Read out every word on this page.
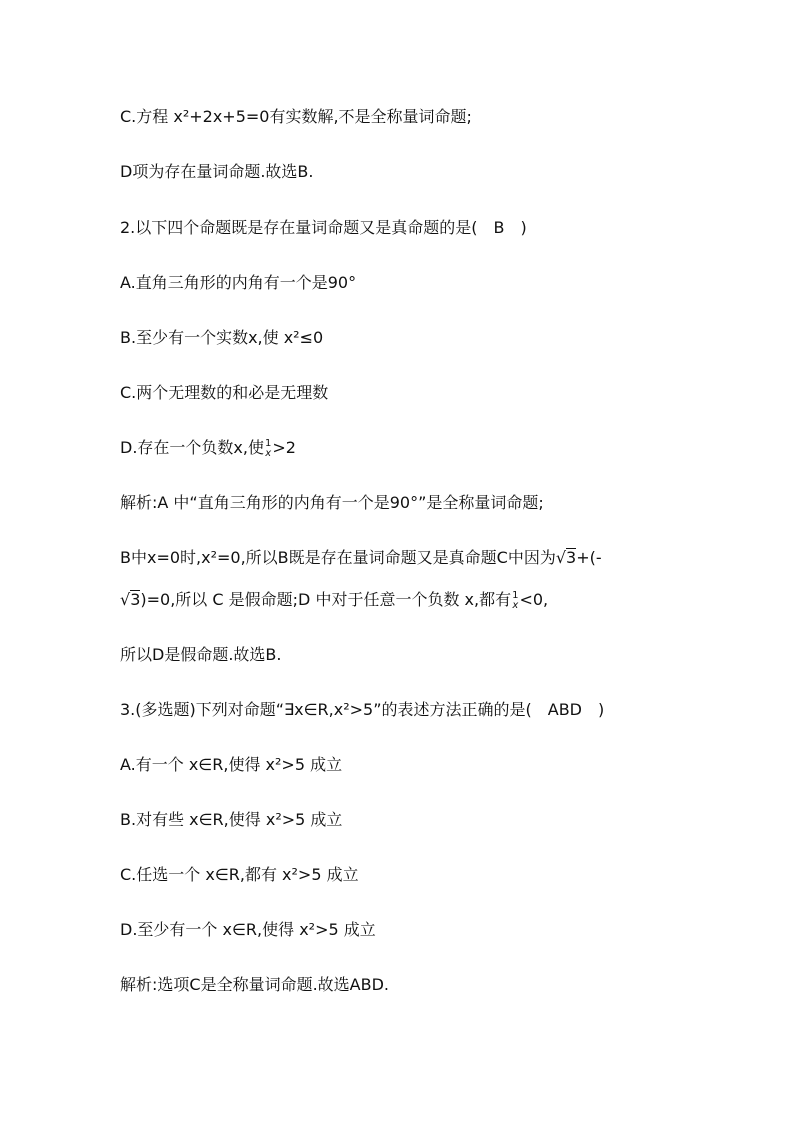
C.方程 x²+2x+5=0有实数解,不是全称量词命题;
D项为存在量词命题.故选B.
2.以下四个命题既是存在量词命题又是真命题的是(　B　)
A.直角三角形的内角有一个是90°
B.至少有一个实数x,使 x²≤0
C.两个无理数的和必是无理数
D.存在一个负数x,使 1
x >2
解析:A 中“直角三角形的内角有一个是90°”是全称量词命题;
B中x=0时,x²=0,所以B既是存在量词命题又是真命题C中因为√3+(-
√3)=0,所以 C 是假命题;D 中对于任意一个负数 x,都有 1
x <0,
所以D是假命题.故选B.
3.(多选题)下列对命题“∃x∈R,x²>5”的表述方法正确的是(　ABD　)
A.有一个 x∈R,使得 x²>5 成立
B.对有些 x∈R,使得 x²>5 成立
C.任选一个 x∈R,都有 x²>5 成立
D.至少有一个 x∈R,使得 x²>5 成立
解析:选项C是全称量词命题.故选ABD.
